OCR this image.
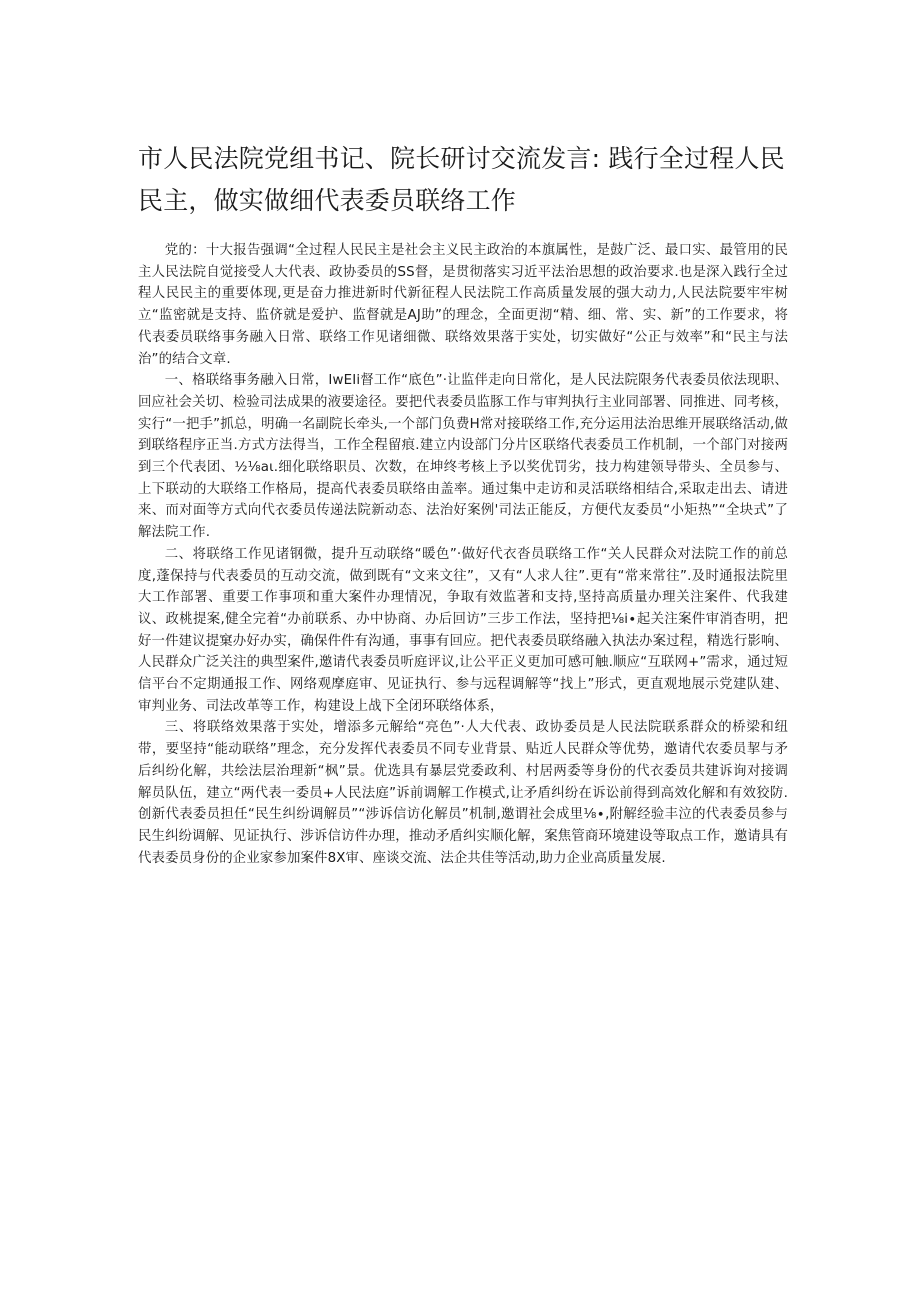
市人民法院党组书记、院长研讨交流发言: 践行全过程人民民主，做实做细代表委员联络工作

党的：十大报告强调“全过程人民民主是社会主义民主政治的本旗属性，是鼓广泛、最口实、最管用的民主人民法院自觉接受人大代表、政协委员的SS督，是贯彻落实习近平法治思想的政治要求.也是深入践行全过程人民民主的重要体现,更是奋力推进新时代新征程人民法院工作高质量发展的强大动力,人民法院要牢牢树立“监密就是支持、监侪就是爱护、监督就是AJ助”的理念，全面更沏“精、细、常、实、新”的工作要求，将代表委员联络事务融入日常、联络工作见诸细微、联络效果落于实处，切实做好“公正与效率”和“民主与法治”的结合文章.

一、格联络事务融入日常，IwEIi督工作“底色”·让监伴走向日常化，是人民法院限务代表委员依法现职、回应社会关切、检验司法成果的液要途径。要把代表委员监豚工作与审判执行主业同部署、同推进、同考核，实行“一把手”抓总，明确一名副院长牵头,一个部门负费H常对接联络工作,充分运用法治思维开展联络活动,做到联络程序正当.方式方法得当，工作全程留痕.建立内设部门分片区联络代表委员工作机制，一个部门对接两到三个代表团、½⅛aι.细化联络职员、次数，在坤终考核上予以奖优罚劣，技力构建领导带头、全员参与、上下联动的大联络工作格局，提高代表委员联络由盖率。通过集中走访和灵活联络相结合,采取走出去、请进来、而对面等方式向代衣委员传递法院新动态、法治好案例'司法正能反，方便代友委员“小矩热”“全块式”了解法院工作.

二、将联络工作见诸钢微，提升互动联络“暖色”·做好代衣沓员联络工作“关人民群众对法院工作的前总度,蓬保持与代表委员的互动交流，做到既有“文来文往”，又有“人求人往”.更有“常来常往”.及时通报法院里大工作部署、重要工作事项和重大案件办理情况，争取有效监著和支持,坚持高质量办理关注案件、代我建议、政桃提案,健全完着“办前联系、办中协商、办后回访”三步工作法，坚持把⅛i∙起关注案件审消杳明，把好一件建议提窠办好办实，确保件件有沟通，事事有回应。把代表委员联络融入执法办案过程，精选行影响、人民群众广泛关注的典型案件,邀请代表委员听庭评议,让公平正义更加可感可触.顺应“互联网+”需求，通过短信平台不定期通报工作、网络观摩庭审、见证执行、参与远程调解等“找上”形式，更直观地展示党建队建、审判业务、司法改革等工作，构建设上战下全闭环联络体系，

三、将联络效果落于实处，增添多元解给“亮色”·人大代表、政协委员是人民法院联系群众的桥梁和纽带，要坚持“能动联络”理念，充分发挥代表委员不同专业背景、贴近人民群众等优势，邀请代农委员挈与矛后纠纷化解，共绘法层治理新“枫”景。优选具有暴层党委政利、村居两委等身份的代衣委员共建诉询对接调解员队伍，建立“两代表一委员+人民法庭”诉前调解工作模式,让矛盾纠纷在诉讼前得到高效化解和有效狡防.创新代表委员担任“民生纠纷调解员”“涉诉信访化解员”机制,邀谓社会成里⅛∙,附解经验丰泣的代表委员参与民生纠纷调解、见证执行、涉诉信访件办理，推动矛盾纠实顺化解，案焦管商环境建设等取点工作，邀请具有代表委员身份的企业家参加案件8X审、座谈交流、法企共佳等活动,助力企业高质量发展.
